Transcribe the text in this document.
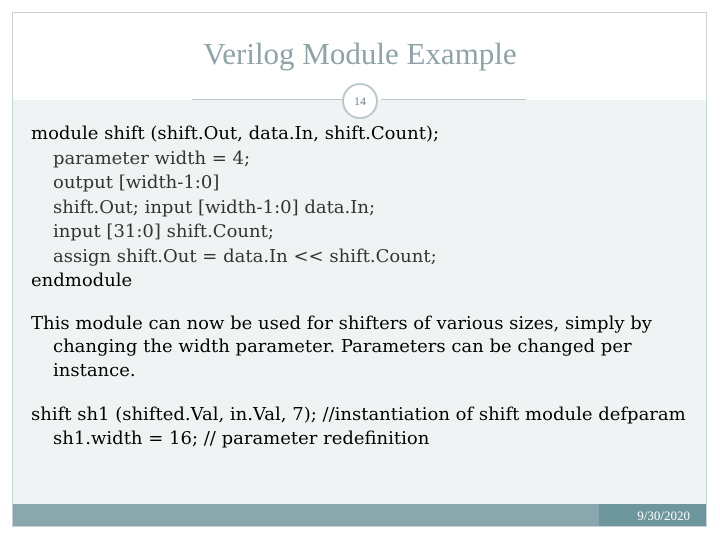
Verilog Module Example
14
module shift (shift.Out, data.In, shift.Count);
parameter width = 4;
output [width-1:0]
shift.Out; input [width-1:0] data.In;
input [31:0] shift.Count;
assign shift.Out = data.In << shift.Count;
endmodule

This module can now be used for shifters of various sizes, simply by changing the width parameter. Parameters can be changed per instance.

shift sh1 (shifted.Val, in.Val, 7); //instantiation of shift module defparam sh1.width = 16; // parameter redefinition

9/30/2020
